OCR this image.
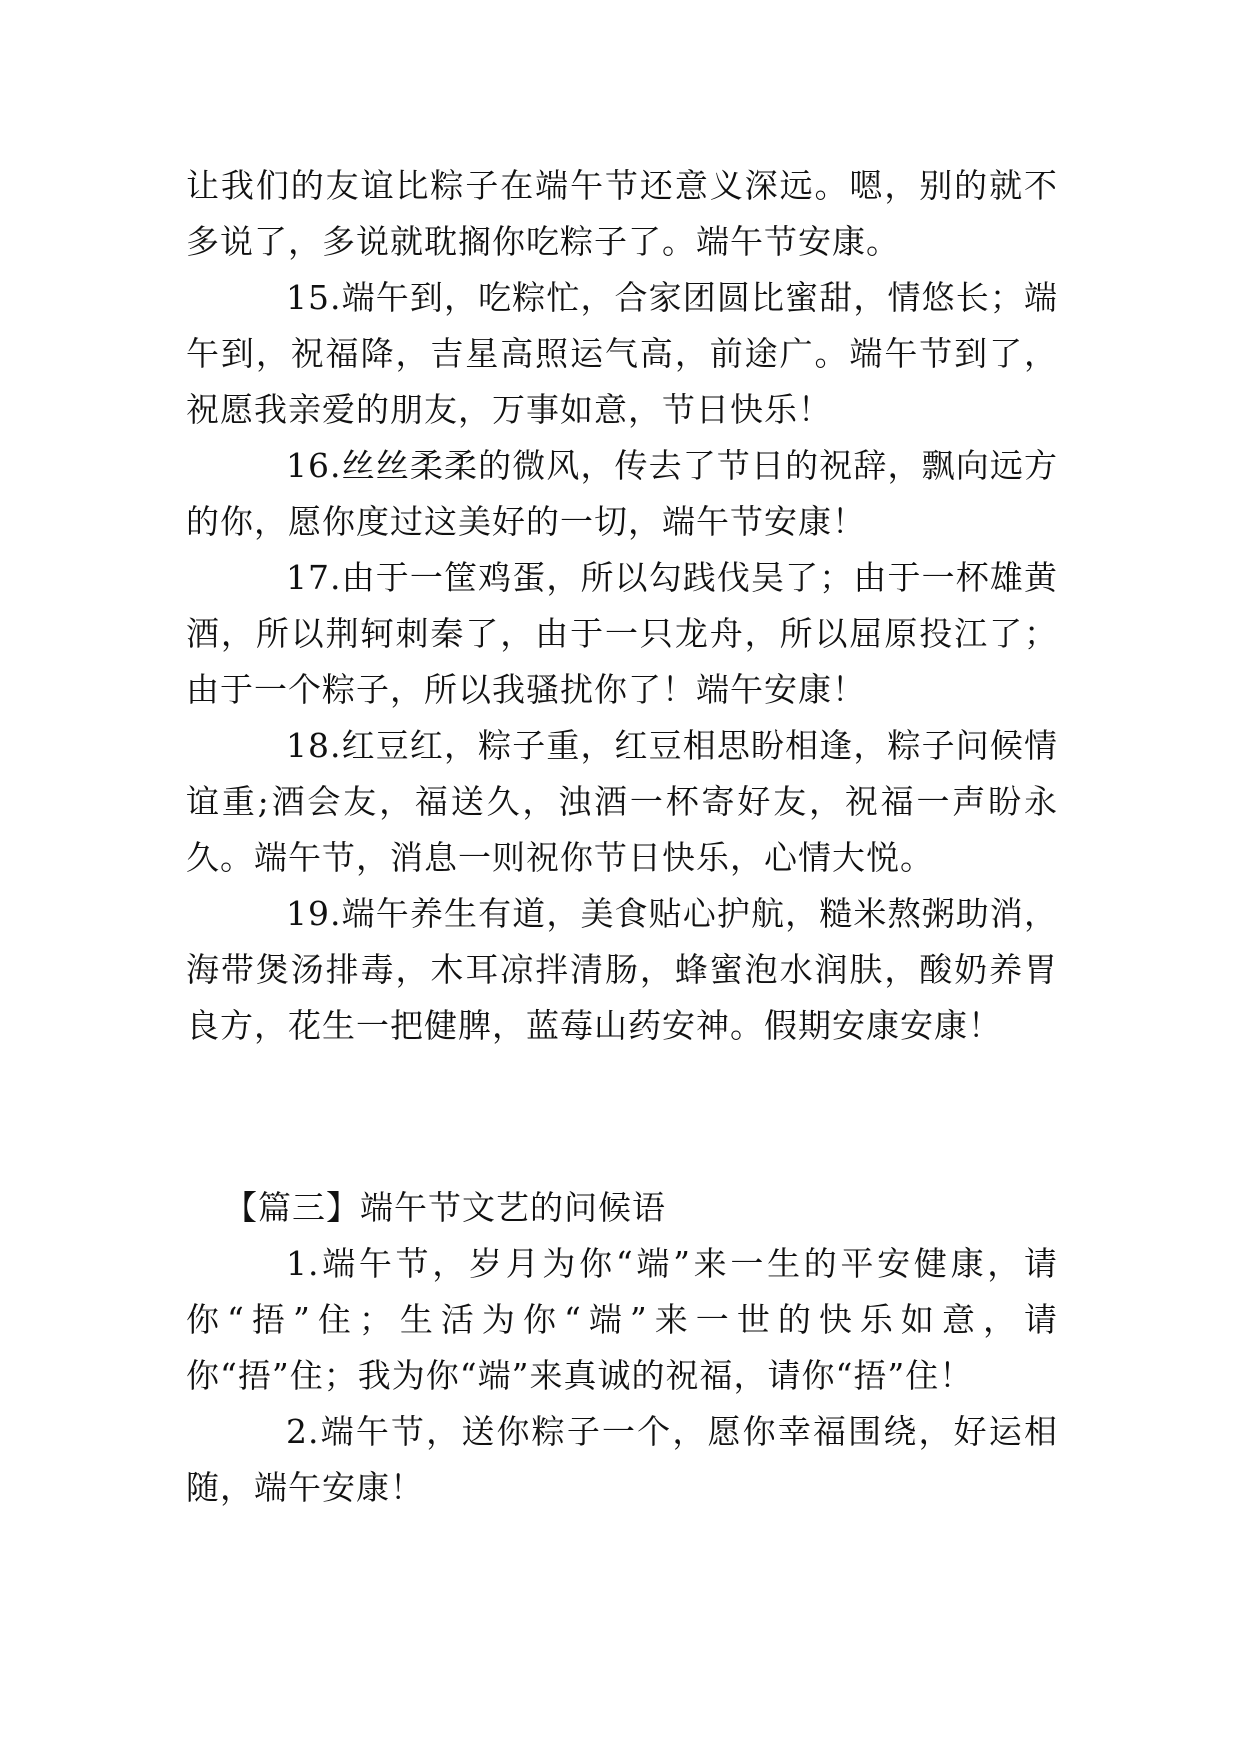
让我们的友谊比粽子在端午节还意义深远。嗯，别的就不多说了，多说就耽搁你吃粽子了。端午节安康。

15.端午到，吃粽忙，合家团圆比蜜甜，情悠长；端午到，祝福降，吉星高照运气高，前途广。端午节到了，祝愿我亲爱的朋友，万事如意，节日快乐！

16.丝丝柔柔的微风，传去了节日的祝辞，飘向远方的你，愿你度过这美好的一切，端午节安康！

17.由于一筐鸡蛋，所以勾践伐吴了；由于一杯雄黄酒，所以荆轲刺秦了，由于一只龙舟，所以屈原投江了；由于一个粽子，所以我骚扰你了！端午安康！

18.红豆红，粽子重，红豆相思盼相逢，粽子问候情谊重;酒会友，福送久，浊酒一杯寄好友，祝福一声盼永久。端午节，消息一则祝你节日快乐，心情大悦。

19.端午养生有道，美食贴心护航，糙米熬粥助消，海带煲汤排毒，木耳凉拌清肠，蜂蜜泡水润肤，酸奶养胃良方，花生一把健脾，蓝莓山药安神。假期安康安康！

【篇三】端午节文艺的问候语

1.端午节，岁月为你“端”来一生的平安健康，请你“捂”住；生活为你“端”来一世的快乐如意，请你“捂”住；我为你“端”来真诚的祝福，请你“捂”住！

2.端午节，送你粽子一个，愿你幸福围绕，好运相随，端午安康！
